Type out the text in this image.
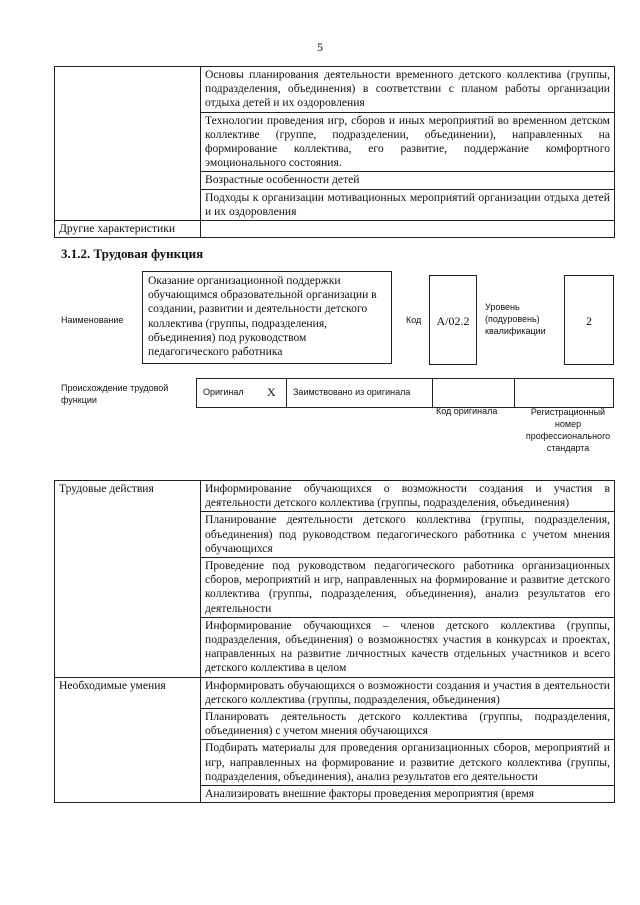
5
	Основы планирования деятельности временного детского коллектива (группы, подразделения, объединения) в соответствии с планом работы организации отдыха детей и их оздоровления
	Технологии проведения игр, сборов и иных мероприятий во временном детском коллективе (группе, подразделении, объединении), направленных на формирование коллектива, его развитие, поддержание комфортного эмоционального состояния.
	Возрастные особенности детей
	Подходы к организации мотивационных мероприятий организации отдыха детей и их оздоровления
Другие характеристики	
3.1.2. Трудовая функция
Наименование
Оказание организационной поддержки обучающимся образовательной организации в создании, развитии и деятельности детского коллектива (группы, подразделения, объединения) под руководством педагогического работника
Код	А/02.2
Уровень (подуровень) квалификации
2
Происхождение трудовой функции
Оригинал X	Заимствовано из оригинала
Код оригинала	Регистрационный номер профессионального стандарта
Трудовые действия	Информирование обучающихся о возможности создания и участия в деятельности детского коллектива (группы, подразделения, объединения)
	Планирование деятельности детского коллектива (группы, подразделения, объединения) под руководством педагогического работника с учетом мнения обучающихся
	Проведение под руководством педагогического работника организационных сборов, мероприятий и игр, направленных на формирование и развитие детского коллектива (группы, подразделения, объединения), анализ результатов его деятельности
	Информирование обучающихся – членов детского коллектива (группы, подразделения, объединения) о возможностях участия в конкурсах и проектах, направленных на развитие личностных качеств отдельных участников и всего детского коллектива в целом
Необходимые умения	Информировать обучающихся о возможности создания и участия в деятельности детского коллектива (группы, подразделения, объединения)
	Планировать деятельность детского коллектива (группы, подразделения, объединения) с учетом мнения обучающихся
	Подбирать материалы для проведения организационных сборов, мероприятий и игр, направленных на формирование и развитие детского коллектива (группы, подразделения, объединения), анализ результатов его деятельности
	Анализировать внешние факторы проведения мероприятия (время
